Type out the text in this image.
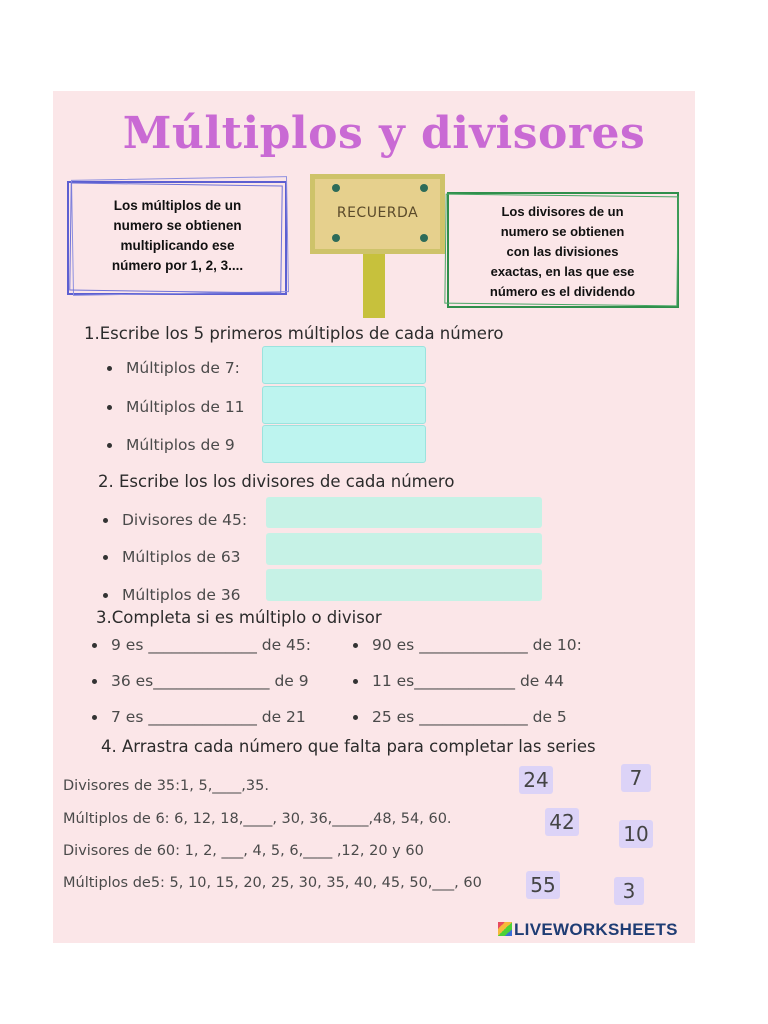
Múltiplos y divisores
Los múltiplos de un
numero se obtienen
multiplicando ese
número por 1, 2, 3....
RECUERDA	Los divisores de un
numero se obtienen
con las divisiones
exactas, en las que ese
número es el dividendo
1.Escribe los 5 primeros múltiplos de cada número
Múltiplos de 7:
Múltiplos de 11
Múltiplos de 9
2. Escribe los los divisores de cada número
Divisores de 45:
Múltiplos de 63
Múltiplos de 36
3.Completa si es múltiplo o divisor
9 es ______________ de 45:	90 es ______________ de 10:
36 es_______________ de 9	11 es_____________ de 44
7 es ______________ de 21	25 es ______________ de 5
4. Arrastra cada número que falta para completar las series
Divisores de 35:1, 5,____,35.
Múltiplos de 6: 6, 12, 18,____, 30, 36,_____,48, 54, 60.
Divisores de 60: 1, 2, ___, 4, 5, 6,____ ,12, 20 y 60
Múltiplos de5: 5, 10, 15, 20, 25, 30, 35, 40, 45, 50,___, 60
24	7
42 10
55	3
LIVEWORKSHEETS
